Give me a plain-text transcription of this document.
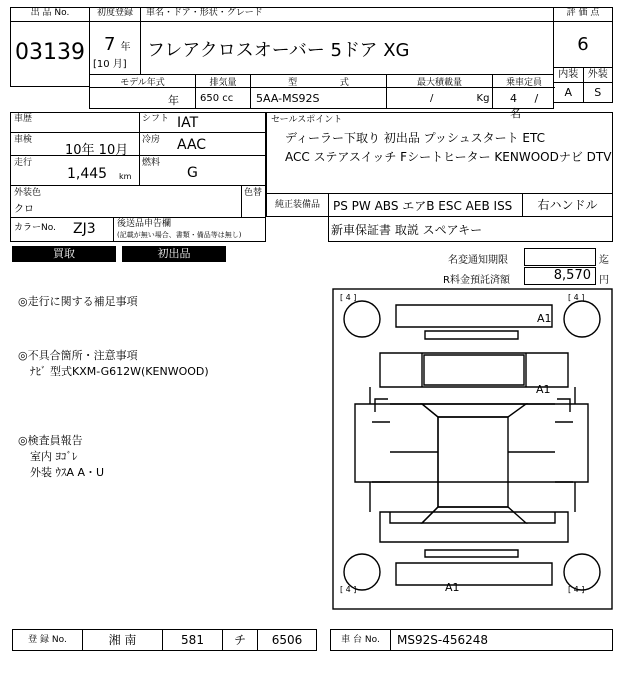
出 品 No.
03139
初度登録
7 年
[10 月]
車名・ドア・形状・グレード
フレアクロスオーバー 5ドア XG
評 価 点
6
内装 外装
A	S
モデル年式
年
排気量
650 cc
型 式
5AA-MS92S
最大積載量
/ Kg
乗車定員
4 / 名
車歴	シフト IAT
車検
10年 10月
冷房 AAC
走行
1,445 km
燃料
G
外装色
クロ
色替
カラーNo. ZJ3 後送品申告欄
(記載が無い場合、書類・備品等は無し)
セールスポイント
ディーラー下取り 初出品 プッシュスタート ETC
ACC ステアスイッチ Fシートヒーター KENWOODナビ DTV
純正装備品	PS PW ABS エアB ESC AEB ISS	右ハンドル
新車保証書 取説 スペアキー
買取	初出品
名変通知期限	迄
R料金預託済額	8,570 円
◎走行に関する補足事項
◎不具合箇所・注意事項
ﾅﾋﾞ 型式KXM-G612W(KENWOOD)
◎検査員報告
室内 ﾖｺﾞﾚ
外装 ｳｽA A・U
[ 4 ]	[ 4 ]
[ 4 ]	[ 4 ]
A1
A1
A1
登 録 No.	湘 南	581	チ	6506	車 台 No.	MS92S-456248
